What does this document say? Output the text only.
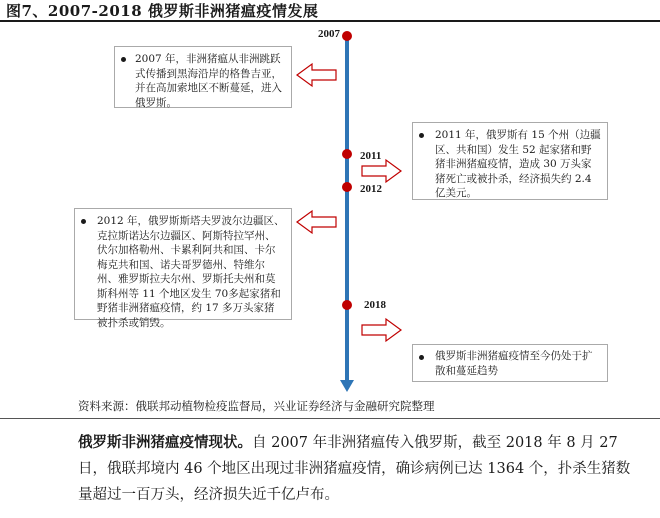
图7、2007-2018 俄罗斯非洲猪瘟疫情发展
2007
2011
2012
2018
2007 年，非洲猪瘟从非洲跳跃式传播到黑海沿岸的格鲁吉亚，并在高加索地区不断蔓延，进入俄罗斯。
2011 年，俄罗斯有 15 个州（边疆区、共和国）发生 52 起家猪和野猪非洲猪瘟疫情，造成 30 万头家猪死亡或被扑杀，经济损失约 2.4亿美元。
2012 年，俄罗斯斯塔夫罗波尔边疆区、克拉斯诺达尔边疆区、阿斯特拉罕州、伏尔加格勒州、卡累利阿共和国、卡尔梅克共和国、诺夫哥罗德州、特维尔州、雅罗斯拉夫尔州、罗斯托夫州和莫斯科州等 11 个地区发生 70多起家猪和野猪非洲猪瘟疫情，约 17 多万头家猪被扑杀或销毁。
俄罗斯非洲猪瘟疫情至今仍处于扩散和蔓延趋势
资料来源：俄联邦动植物检疫监督局，兴业证券经济与金融研究院整理
俄罗斯非洲猪瘟疫情现状。自 2007 年非洲猪瘟传入俄罗斯，截至 2018 年 8 月 27 日，俄联邦境内 46 个地区出现过非洲猪瘟疫情，确诊病例已达 1364 个，扑杀生猪数量超过一百万头，经济损失近千亿卢布。
